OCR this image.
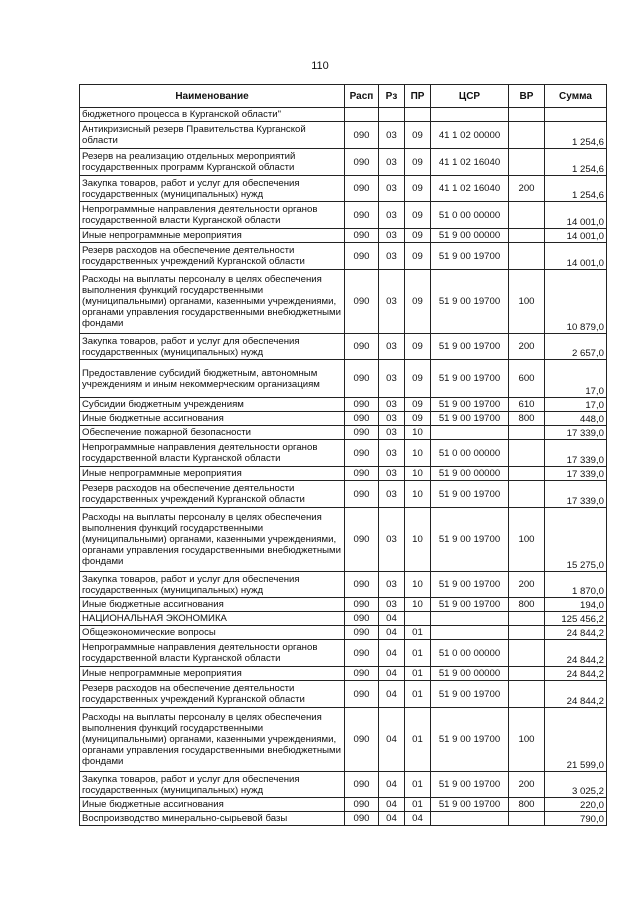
110
Наименование	Расп	Рз	ПР	ЦСР	ВР	Сумма
бюджетного процесса в Курганской области"						
Антикризисный резерв Правительства Курганской области	090	03	09	41 1 02 00000		1 254,6
Резерв на реализацию отдельных мероприятий государственных программ Курганской области	090	03	09	41 1 02 16040		1 254,6
Закупка товаров, работ и услуг для обеспечения государственных (муниципальных) нужд	090	03	09	41 1 02 16040	200	1 254,6
Непрограммные направления деятельности органов государственной власти Курганской области	090	03	09	51 0 00 00000		14 001,0
Иные непрограммные мероприятия	090	03	09	51 9 00 00000		14 001,0
Резерв расходов на обеспечение деятельности государственных учреждений Курганской области	090	03	09	51 9 00 19700		14 001,0
Расходы на выплаты персоналу в целях обеспечения выполнения функций государственными (муниципальными) органами, казенными учреждениями, органами управления государственными внебюджетными фондами	090	03	09	51 9 00 19700	100	10 879,0
Закупка товаров, работ и услуг для обеспечения государственных (муниципальных) нужд	090	03	09	51 9 00 19700	200	2 657,0
Предоставление субсидий бюджетным, автономным учреждениям и иным некоммерческим организациям	090	03	09	51 9 00 19700	600	17,0
Субсидии бюджетным учреждениям	090	03	09	51 9 00 19700	610	17,0
Иные бюджетные ассигнования	090	03	09	51 9 00 19700	800	448,0
Обеспечение пожарной безопасности	090	03	10			17 339,0
Непрограммные направления деятельности органов государственной власти Курганской области	090	03	10	51 0 00 00000		17 339,0
Иные непрограммные мероприятия	090	03	10	51 9 00 00000		17 339,0
Резерв расходов на обеспечение деятельности государственных учреждений Курганской области	090	03	10	51 9 00 19700		17 339,0
Расходы на выплаты персоналу в целях обеспечения выполнения функций государственными (муниципальными) органами, казенными учреждениями, органами управления государственными внебюджетными фондами	090	03	10	51 9 00 19700	100	15 275,0
Закупка товаров, работ и услуг для обеспечения государственных (муниципальных) нужд	090	03	10	51 9 00 19700	200	1 870,0
Иные бюджетные ассигнования	090	03	10	51 9 00 19700	800	194,0
НАЦИОНАЛЬНАЯ ЭКОНОМИКА	090	04				125 456,2
Общеэкономические вопросы	090	04	01			24 844,2
Непрограммные направления деятельности органов государственной власти Курганской области	090	04	01	51 0 00 00000		24 844,2
Иные непрограммные мероприятия	090	04	01	51 9 00 00000		24 844,2
Резерв расходов на обеспечение деятельности государственных учреждений Курганской области	090	04	01	51 9 00 19700		24 844,2
Расходы на выплаты персоналу в целях обеспечения выполнения функций государственными (муниципальными) органами, казенными учреждениями, органами управления государственными внебюджетными фондами	090	04	01	51 9 00 19700	100	21 599,0
Закупка товаров, работ и услуг для обеспечения государственных (муниципальных) нужд	090	04	01	51 9 00 19700	200	3 025,2
Иные бюджетные ассигнования	090	04	01	51 9 00 19700	800	220,0
Воспроизводство минерально-сырьевой базы	090	04	04			790,0
